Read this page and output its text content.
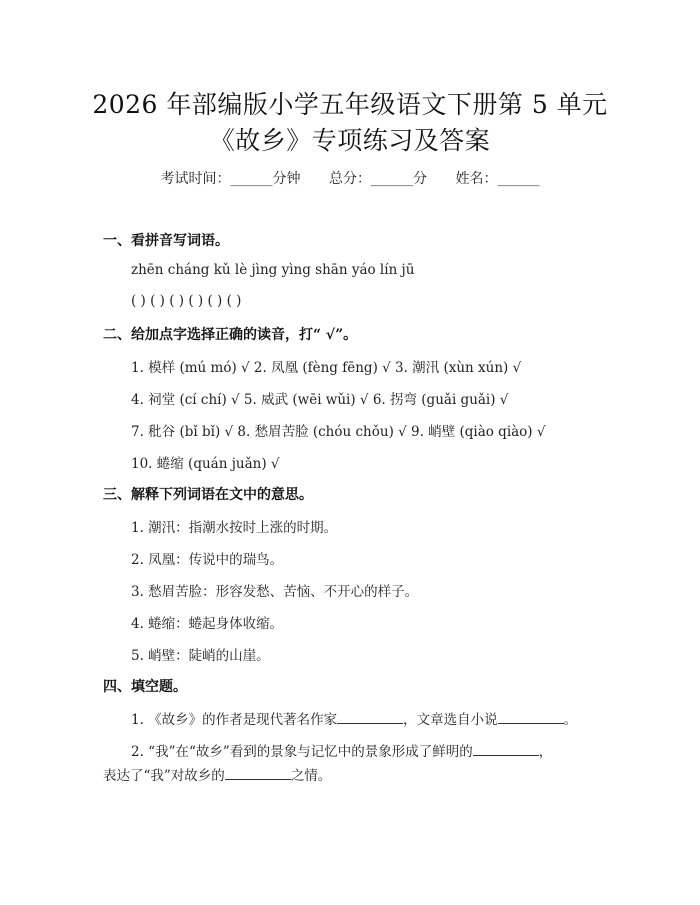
2026 年部编版小学五年级语文下册第 5 单元
《故乡》专项练习及答案
考试时间：______分钟 总分：______分 姓名：______
一、看拼音写词语。
zhēn cháng kǔ lè jìng yìng shān yáo lín jū
( ) ( ) ( ) ( ) ( ) ( )
二、给加点字选择正确的读音，打“ √”。
1. 模样 (mú mó) √ 2. 凤凰 (fèng fēng) √ 3. 潮汛 (xùn xún) √
4. 祠堂 (cí chí) √ 5. 威武 (wēi wǔi) √ 6. 拐弯 (guǎi guǎi) √
7. 秕谷 (bǐ bǐ) √ 8. 愁眉苦脸 (chóu chǒu) √ 9. 峭壁 (qiào qiào) √
10. 蜷缩 (quán juǎn) √
三、解释下列词语在文中的意思。
1. 潮汛：指潮水按时上涨的时期。
2. 凤凰：传说中的瑞鸟。
3. 愁眉苦脸：形容发愁、苦恼、不开心的样子。
4. 蜷缩：蜷起身体收缩。
5. 峭壁：陡峭的山崖。
四、填空题。
1. 《故乡》的作者是现代著名作家	，文章选自小说	。
2. “我”在“故乡”看到的景象与记忆中的景象形成了鲜明的	，
表达了“我”对故乡的	之情。
